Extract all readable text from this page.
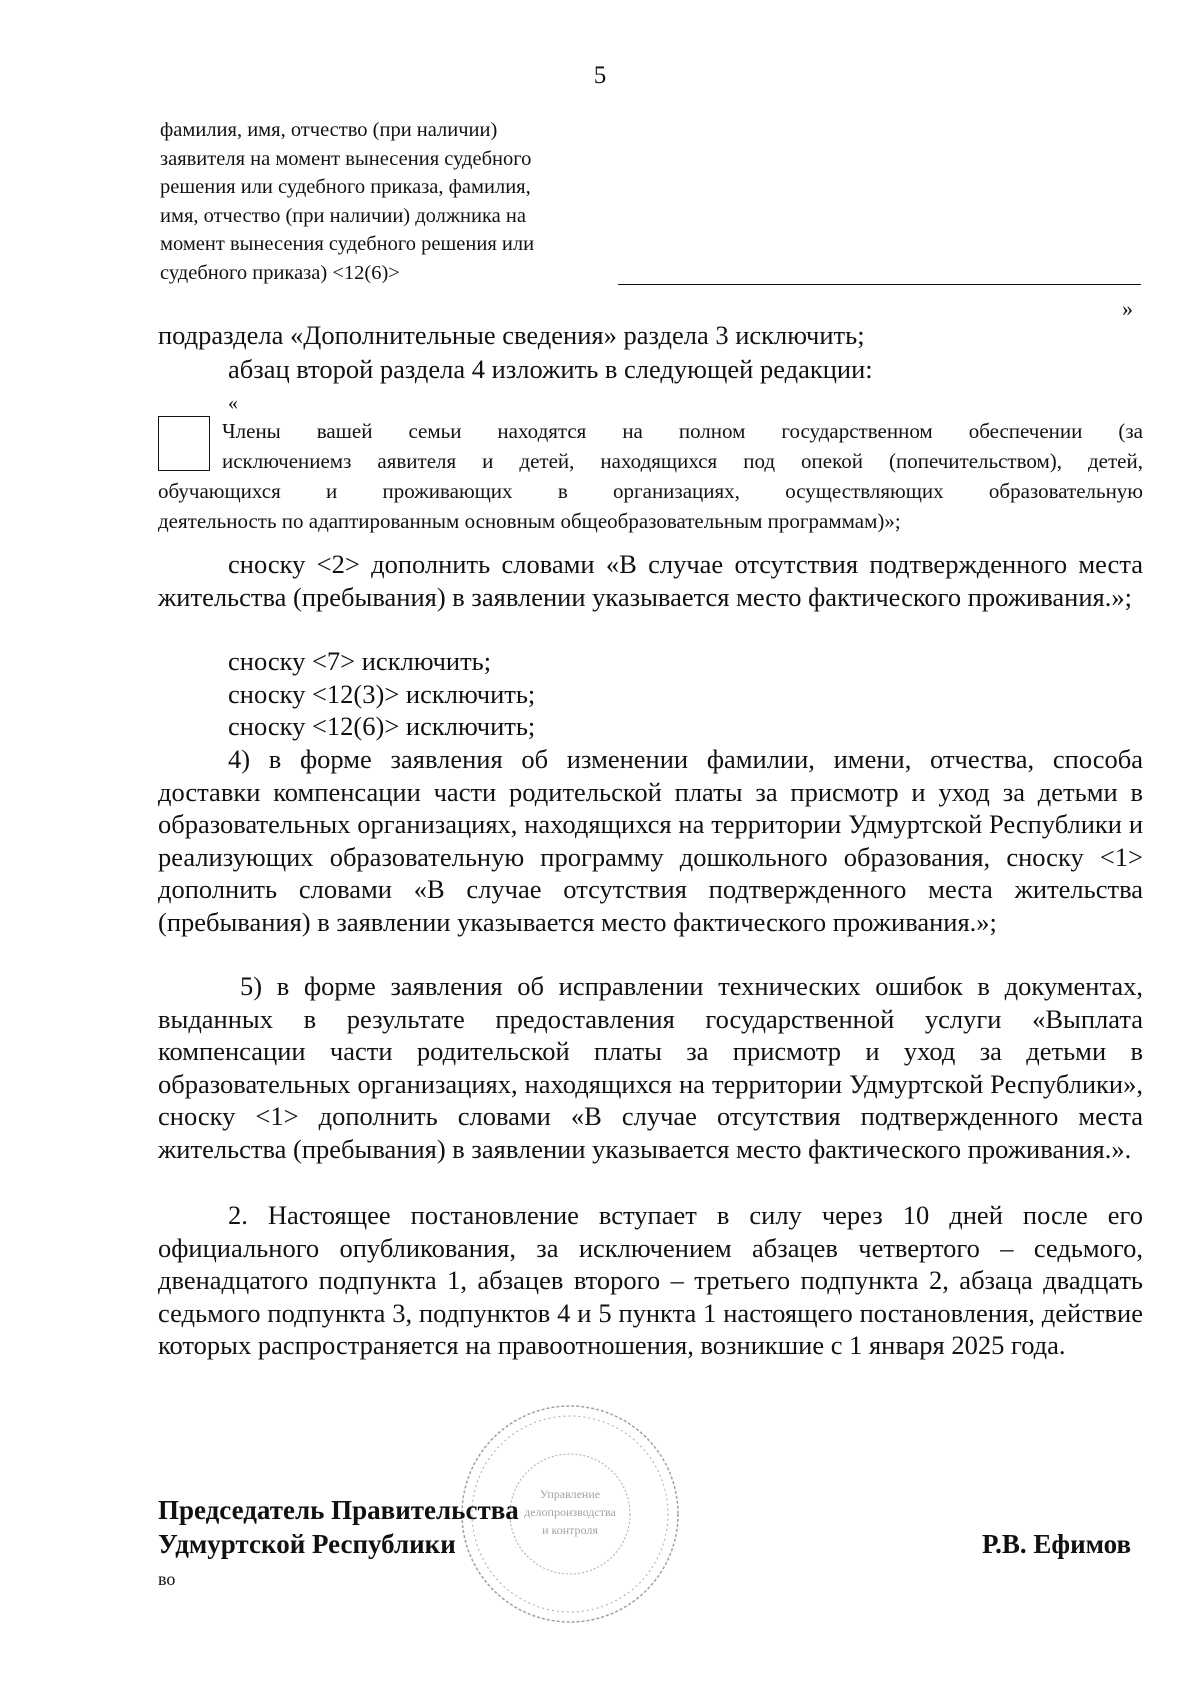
5
фамилия, имя, отчество (при наличии)
заявителя на момент вынесения судебного
решения или судебного приказа, фамилия,
имя, отчество (при наличии) должника на
момент вынесения судебного решения или
судебного приказа) <12(6)>
»

подраздела «Дополнительные сведения» раздела 3 исключить;

абзац второй раздела 4 изложить в следующей редакции:

«

Члены вашей семьи находятся на полном государственном обеспечении (за

исключениемз аявителя и детей, находящихся под опекой (попечительством), детей,

обучающихся и проживающих в организациях, осуществляющих образовательную

деятельность по адаптированным основным общеобразовательным программам)»;

сноску <2> дополнить словами «В случае отсутствия подтвержденного места жительства (пребывания) в заявлении указывается место фактического проживания.»;

сноску <7> исключить;

сноску <12(3)> исключить;

сноску <12(6)> исключить;

4) в форме заявления об изменении фамилии, имени, отчества, способа доставки компенсации части родительской платы за присмотр и уход за детьми в образовательных организациях, находящихся на территории Удмуртской Республики и реализующих образовательную программу дошкольного образования, сноску <1> дополнить словами «В случае отсутствия подтвержденного места жительства (пребывания) в заявлении указывается место фактического проживания.»;

5) в форме заявления об исправлении технических ошибок в документах, выданных в результате предоставления государственной услуги «Выплата компенсации части родительской платы за присмотр и уход за детьми в образовательных организациях, находящихся на территории Удмуртской Республики», сноску <1> дополнить словами «В случае отсутствия подтвержденного места жительства (пребывания) в заявлении указывается место фактического проживания.».

2. Настоящее постановление вступает в силу через 10 дней после его официального опубликования, за исключением абзацев четвертого – седьмого, двенадцатого подпункта 1, абзацев второго – третьего подпункта 2, абзаца двадцать седьмого подпункта 3, подпунктов 4 и 5 пункта 1 настоящего постановления, действие которых распространяется на правоотношения, возникшие с 1 января 2025 года.

Управление
делопроизводства
и контроля
Председатель Правительства
Удмуртской Республики	Р.В. Ефимов
во
